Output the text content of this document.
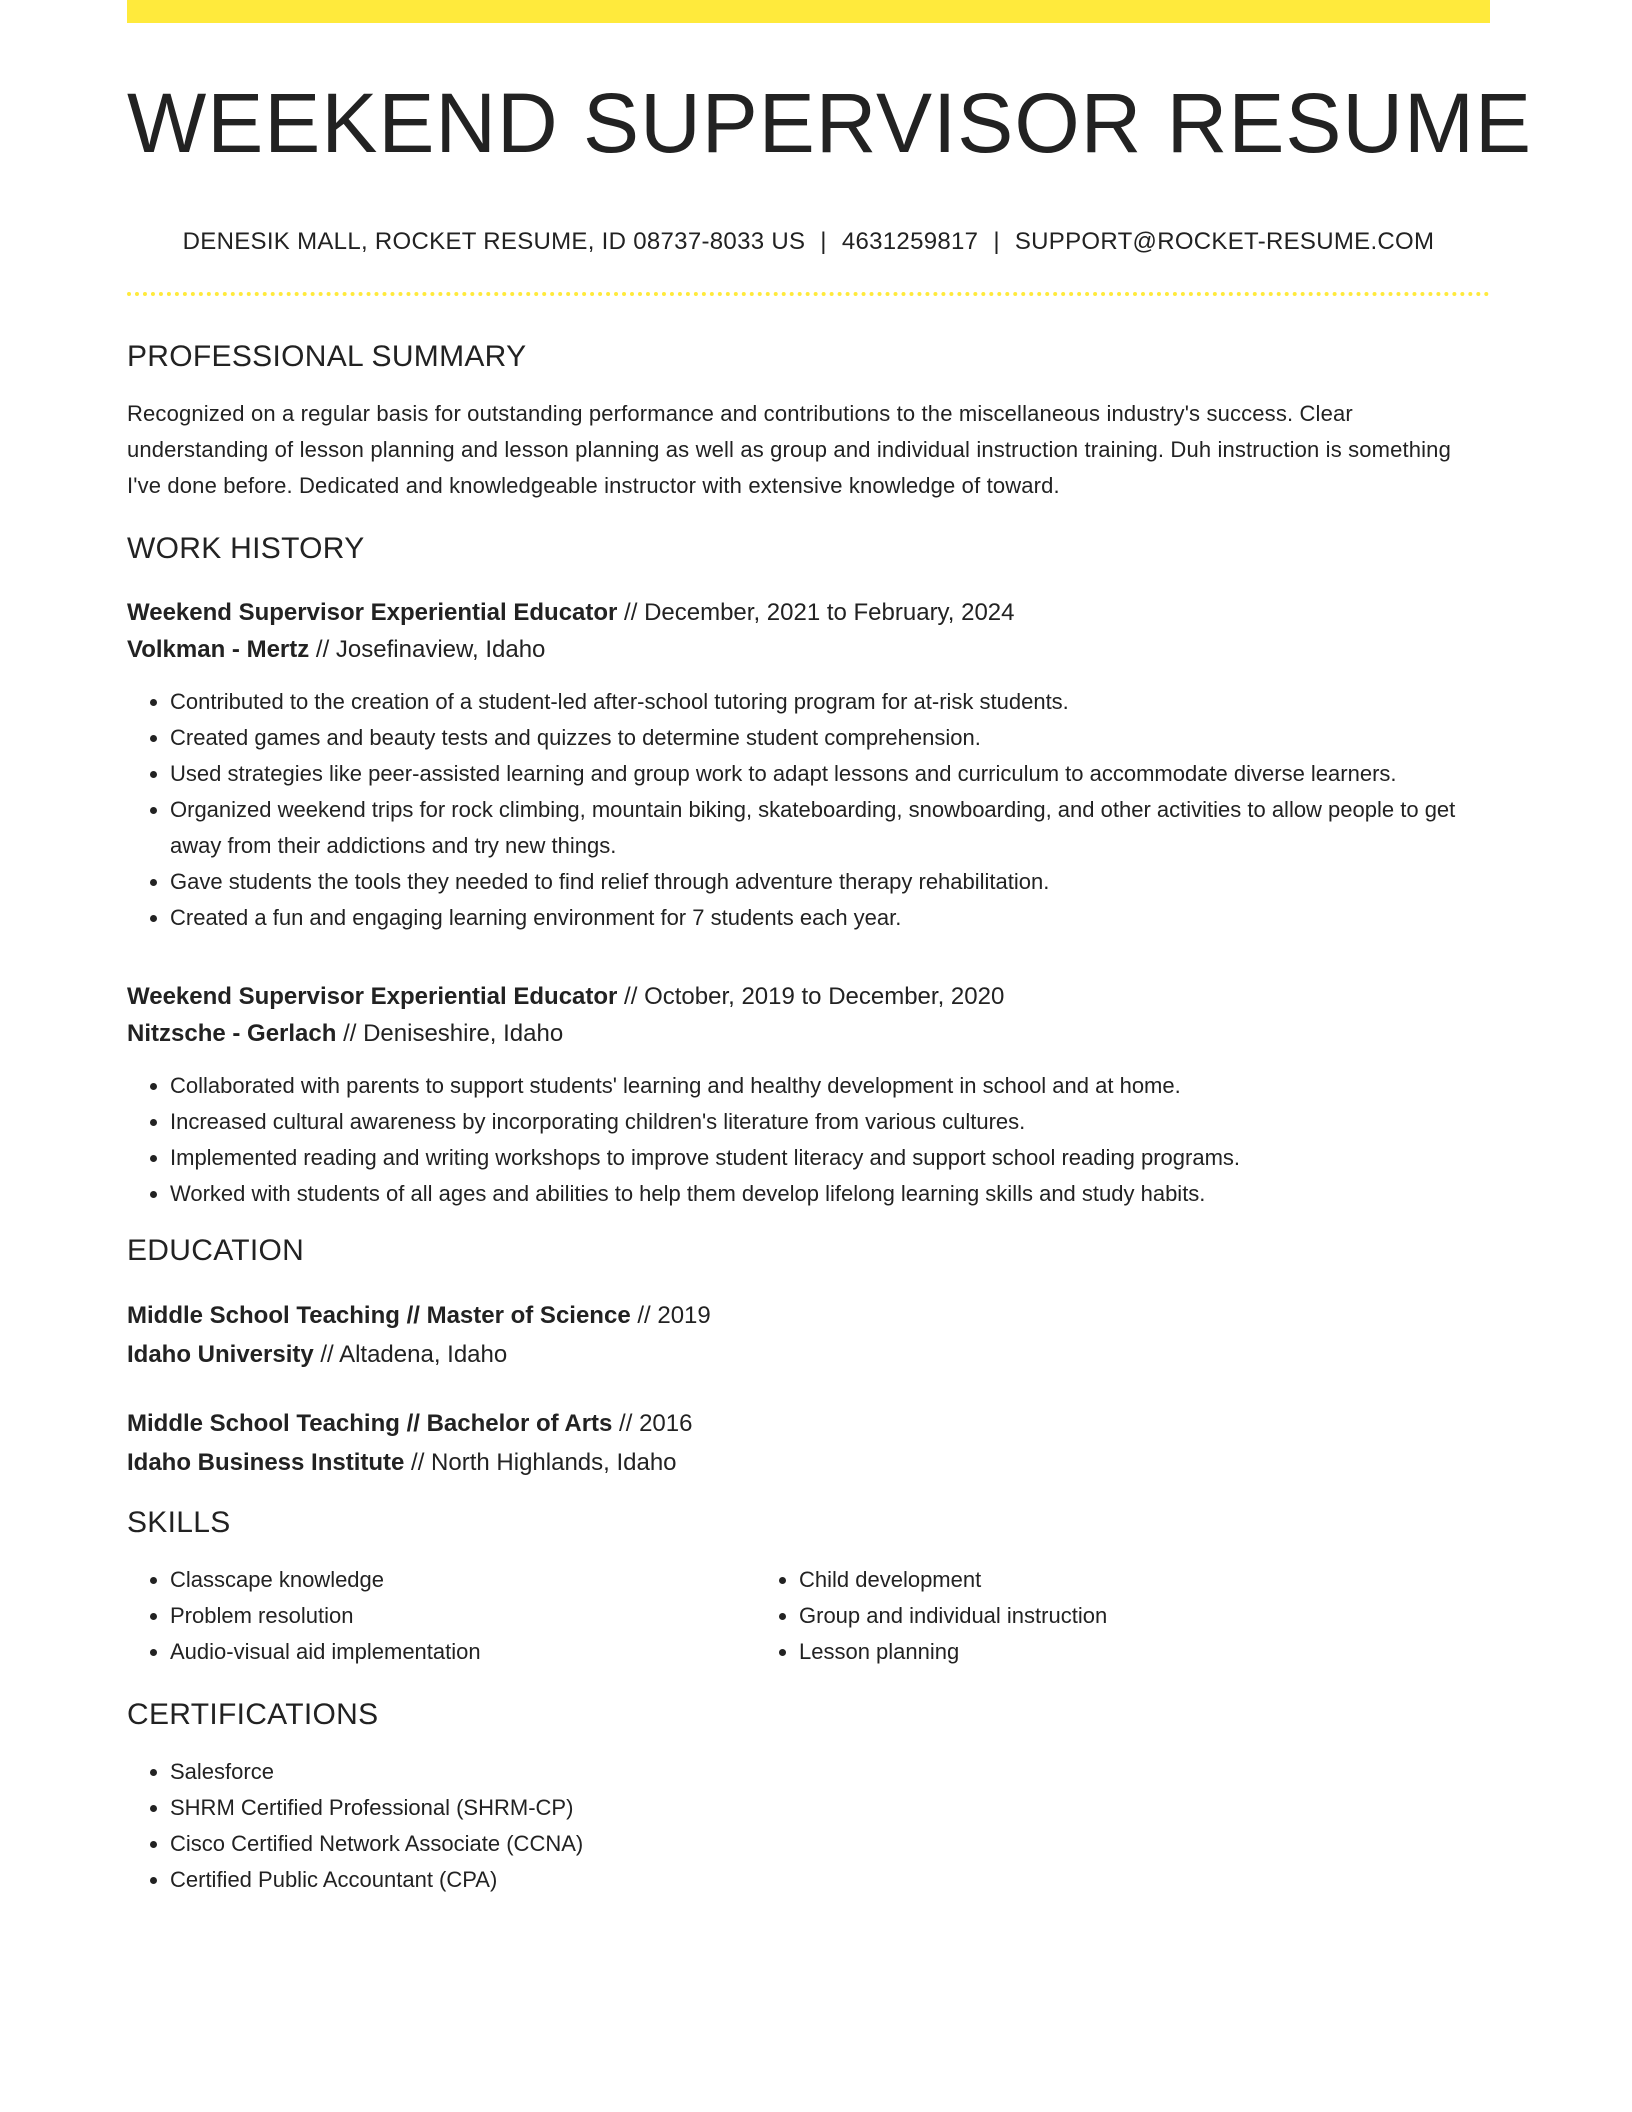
WEEKEND SUPERVISOR RESUME
DENESIK MALL, ROCKET RESUME, ID 08737-8033 US | 4631259817 | SUPPORT@ROCKET-RESUME.COM
PROFESSIONAL SUMMARY
Recognized on a regular basis for outstanding performance and contributions to the miscellaneous industry's success. Clear understanding of lesson planning and lesson planning as well as group and individual instruction training. Duh instruction is something I've done before. Dedicated and knowledgeable instructor with extensive knowledge of toward.
WORK HISTORY
Weekend Supervisor Experiential Educator // December, 2021 to February, 2024
Volkman - Mertz // Josefinaview, Idaho
• Contributed to the creation of a student-led after-school tutoring program for at-risk students.
• Created games and beauty tests and quizzes to determine student comprehension.
• Used strategies like peer-assisted learning and group work to adapt lessons and curriculum to accommodate diverse learners.
• Organized weekend trips for rock climbing, mountain biking, skateboarding, snowboarding, and other activities to allow people to get away from their addictions and try new things.
• Gave students the tools they needed to find relief through adventure therapy rehabilitation.
• Created a fun and engaging learning environment for 7 students each year.
Weekend Supervisor Experiential Educator // October, 2019 to December, 2020
Nitzsche - Gerlach // Deniseshire, Idaho
• Collaborated with parents to support students' learning and healthy development in school and at home.
• Increased cultural awareness by incorporating children's literature from various cultures.
• Implemented reading and writing workshops to improve student literacy and support school reading programs.
• Worked with students of all ages and abilities to help them develop lifelong learning skills and study habits.
EDUCATION
Middle School Teaching // Master of Science // 2019
Idaho University // Altadena, Idaho
Middle School Teaching // Bachelor of Arts // 2016
Idaho Business Institute // North Highlands, Idaho
SKILLS
• Classcape knowledge
• Problem resolution
• Audio-visual aid implementation
• Child development
• Group and individual instruction
• Lesson planning
CERTIFICATIONS
• Salesforce
• SHRM Certified Professional (SHRM-CP)
• Cisco Certified Network Associate (CCNA)
• Certified Public Accountant (CPA)
